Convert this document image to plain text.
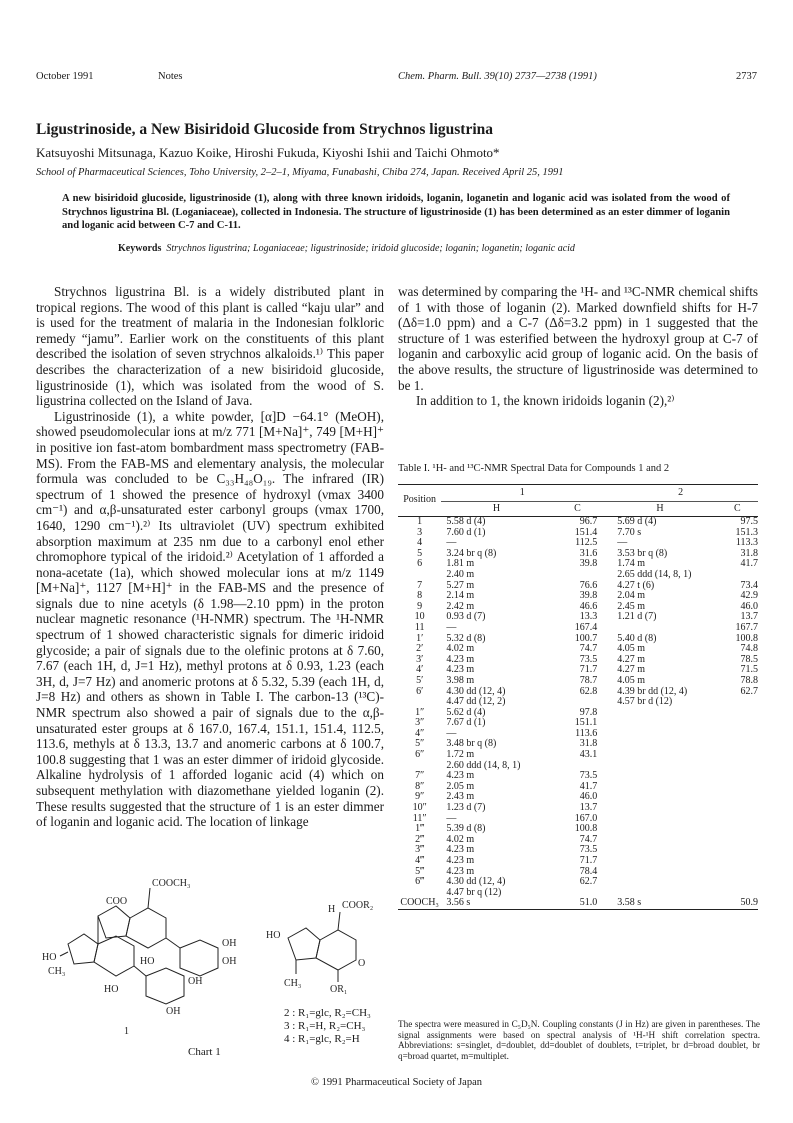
October 1991	Notes	Chem. Pharm. Bull. 39(10) 2737—2738 (1991)	2737
Ligustrinoside, a New Bisiridoid Glucoside from Strychnos ligustrina
Katsuyoshi Mitsunaga, Kazuo Koike, Hiroshi Fukuda, Kiyoshi Ishii and Taichi Ohmoto*
School of Pharmaceutical Sciences, Toho University, 2–2–1, Miyama, Funabashi, Chiba 274, Japan. Received April 25, 1991
A new bisiridoid glucoside, ligustrinoside (1), along with three known iridoids, loganin, loganetin and loganic acid was isolated from the wood of Strychnos ligustrina Bl. (Loganiaceae), collected in Indonesia. The structure of ligustrinoside (1) has been determined as an ester dimmer of loganin and loganic acid between C-7 and C-11.
Keywords Strychnos ligustrina; Loganiaceae; ligustrinoside; iridoid glucoside; loganin; loganetin; loganic acid

Strychnos ligustrina Bl. is a widely distributed plant in tropical regions. The wood of this plant is called “kaju ular” and is used for the treatment of malaria in the Indonesian folkloric remedy “jamu”. Earlier work on the constituents of this plant described the isolation of seven strychnos alkaloids.¹⁾ This paper describes the characterization of a new bisiridoid glucoside, ligustrinoside (1), which was isolated from the wood of S. ligustrina collected on the Island of Java.

Ligustrinoside (1), a white powder, [α]D −64.1° (MeOH), showed pseudomolecular ions at m/z 771 [M+Na]⁺, 749 [M+H]⁺ in positive ion fast-atom bombardment mass spectrometry (FAB-MS). From the FAB-MS and elementary analysis, the molecular formula was concluded to be C₃₃H₄₈O₁₉. The infrared (IR) spectrum of 1 showed the presence of hydroxyl (νmax 3400 cm⁻¹) and α,β-unsaturated ester carbonyl groups (νmax 1700, 1640, 1290 cm⁻¹).²⁾ Its ultraviolet (UV) spectrum exhibited absorption maximum at 235 nm due to a carbonyl enol ether chromophore typical of the iridoid.²⁾ Acetylation of 1 afforded a nona-acetate (1a), which showed molecular ions at m/z 1149 [M+Na]⁺, 1127 [M+H]⁺ in the FAB-MS and the presence of signals due to nine acetyls (δ 1.98—2.10 ppm) in the proton nuclear magnetic resonance (¹H-NMR) spectrum. The ¹H-NMR spectrum of 1 showed characteristic signals for dimeric iridoid glycoside; a pair of signals due to the olefinic protons at δ 7.60, 7.67 (each 1H, d, J=1 Hz), methyl protons at δ 0.93, 1.23 (each 3H, d, J=7 Hz) and anomeric protons at δ 5.32, 5.39 (each 1H, d, J=8 Hz) and others as shown in Table I. The carbon-13 (¹³C)-NMR spectrum also showed a pair of signals due to the α,β-unsaturated ester groups at δ 167.0, 167.4, 151.1, 151.4, 112.5, 113.6, methyls at δ 13.3, 13.7 and anomeric carbons at δ 100.7, 100.8 suggesting that 1 was an ester dimmer of iridoid glycoside. Alkaline hydrolysis of 1 afforded loganic acid (4) which on subsequent methylation with diazomethane yielded loganin (2). These results suggested that the structure of 1 is an ester dimmer of loganin and loganic acid. The location of linkage

was determined by comparing the ¹H- and ¹³C-NMR chemical shifts of 1 with those of loganin (2). Marked downfield shifts for H-7 (Δδ=1.0 ppm) and a C-7 (Δδ=3.2 ppm) in 1 suggested that the structure of 1 was esterified between the hydroxyl group at C-7 of loganin and carboxylic acid group of loganic acid. On the basis of the above results, the structure of ligustrinoside was determined to be 1.

In addition to 1, the known iridoids loganin (2),²⁾

Table I. ¹H- and ¹³C-NMR Spectral Data for Compounds 1 and 2
Position	1		2	
	H	C	H	C
1	5.58 d (4)	96.7	5.69 d (4)	97.5
3	7.60 d (1)	151.4	7.70 s	151.3
4	—	112.5	—	113.3
5	3.24 br q (8)	31.6	3.53 br q (8)	31.8
6	1.81 m	39.8	1.74 m	41.7
	2.40 m		2.65 ddd (14, 8, 1)	
7	5.27 m	76.6	4.27 t (6)	73.4
8	2.14 m	39.8	2.04 m	42.9
9	2.42 m	46.6	2.45 m	46.0
10	0.93 d (7)	13.3	1.21 d (7)	13.7
11	—	167.4		167.7
1′	5.32 d (8)	100.7	5.40 d (8)	100.8
2′	4.02 m	74.7	4.05 m	74.8
3′	4.23 m	73.5	4.27 m	78.5
4′	4.23 m	71.7	4.27 m	71.5
5′	3.98 m	78.7	4.05 m	78.8
6′	4.30 dd (12, 4)	62.8	4.39 br dd (12, 4)	62.7
	4.47 dd (12, 2)		4.57 br d (12)	
1″	5.62 d (4)	97.8		
3″	7.67 d (1)	151.1		
4″	—	113.6		
5″	3.48 br q (8)	31.8		
6″	1.72 m	43.1		
	2.60 ddd (14, 8, 1)			
7″	4.23 m	73.5		
8″	2.05 m	41.7		
9″	2.43 m	46.0		
10″	1.23 d (7)	13.7		
11″	—	167.0		
1‴	5.39 d (8)	100.8		
2‴	4.02 m	74.7		
3‴	4.23 m	73.5		
4‴	4.23 m	71.7		
5‴	4.23 m	78.4		
6‴	4.30 dd (12, 4)	62.7		
	4.47 br q (12)			
COOCH₃	3.56 s	51.0	3.58 s	50.9
The spectra were measured in C₅D₅N. Coupling constants (J in Hz) are given in parentheses. The signal assignments were based on spectral analysis of ¹H-¹H shift correlation spectra. Abbreviations: s=singlet, d=doublet, dd=doublet of doublets, t=triplet, br d=broad doublet, br q=broad quartet, m=multiplet.
COOCH₃
COO
HO
OH
OH
OH
OH
HO
CH₃
HO
COOR₂
H
HO
O
CH₃
OR₁
1
2 : R₁=glc, R₂=CH₃
3 : R₁=H, R₂=CH₃
4 : R₁=glc, R₂=H
Chart 1
© 1991 Pharmaceutical Society of Japan
